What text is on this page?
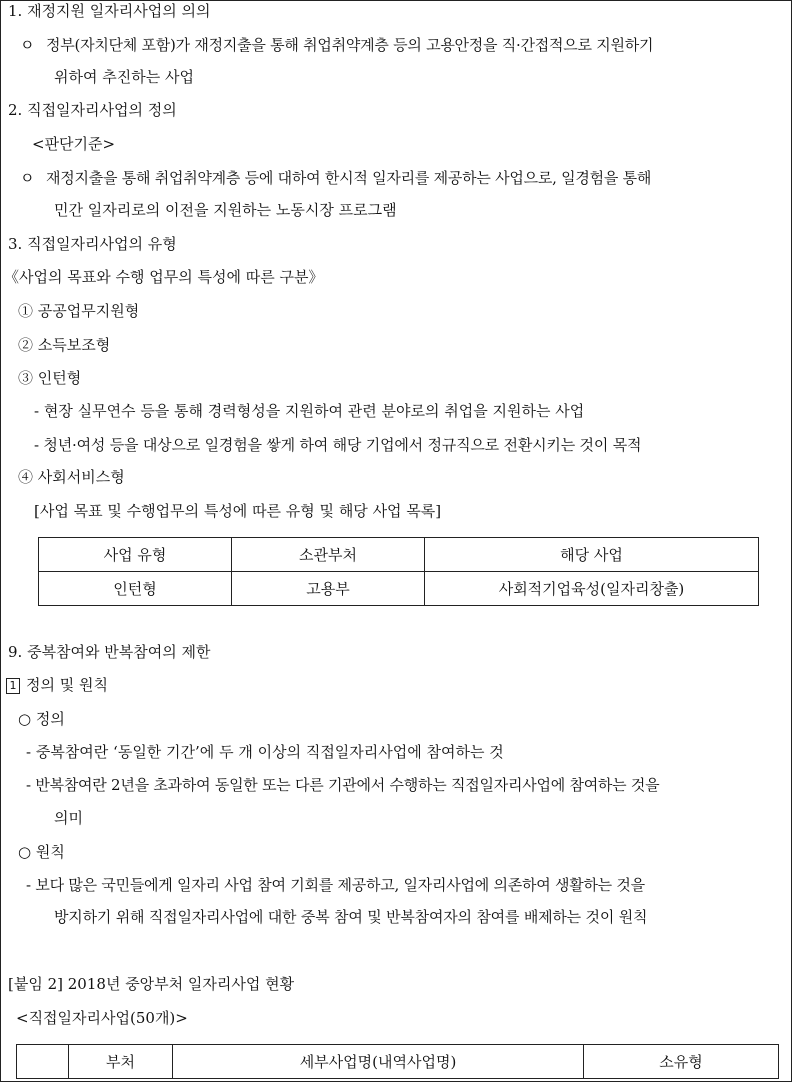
1. 재정지원 일자리사업의 의의
ㅇ 정부(자치단체 포함)가 재정지출을 통해 취업취약계층 등의 고용안정을 직·간접적으로 지원하기
위하여 추진하는 사업
2. 직접일자리사업의 정의
<판단기준>
ㅇ 재정지출을 통해 취업취약계층 등에 대하여 한시적 일자리를 제공하는 사업으로, 일경험을 통해
민간 일자리로의 이전을 지원하는 노동시장 프로그램
3. 직접일자리사업의 유형
《사업의 목표와 수행 업무의 특성에 따른 구분》
① 공공업무지원형
② 소득보조형
③ 인턴형
- 현장 실무연수 등을 통해 경력형성을 지원하여 관련 분야로의 취업을 지원하는 사업
- 청년·여성 등을 대상으로 일경험을 쌓게 하여 해당 기업에서 정규직으로 전환시키는 것이 목적
④ 사회서비스형
[사업 목표 및 수행업무의 특성에 따른 유형 및 해당 사업 목록]
사업 유형	소관부처	해당 사업
인턴형	고용부	사회적기업육성(일자리창출)
9. 중복참여와 반복참여의 제한
1 정의 및 원칙
○ 정의
- 중복참여란 ‘동일한 기간’에 두 개 이상의 직접일자리사업에 참여하는 것
- 반복참여란 2년을 초과하여 동일한 또는 다른 기관에서 수행하는 직접일자리사업에 참여하는 것을
의미
○ 원칙
- 보다 많은 국민들에게 일자리 사업 참여 기회를 제공하고, 일자리사업에 의존하여 생활하는 것을
방지하기 위해 직접일자리사업에 대한 중복 참여 및 반복참여자의 참여를 배제하는 것이 원칙
[붙임 2] 2018년 중앙부처 일자리사업 현황
<직접일자리사업(50개)>
	부처	세부사업명(내역사업명)	소유형
